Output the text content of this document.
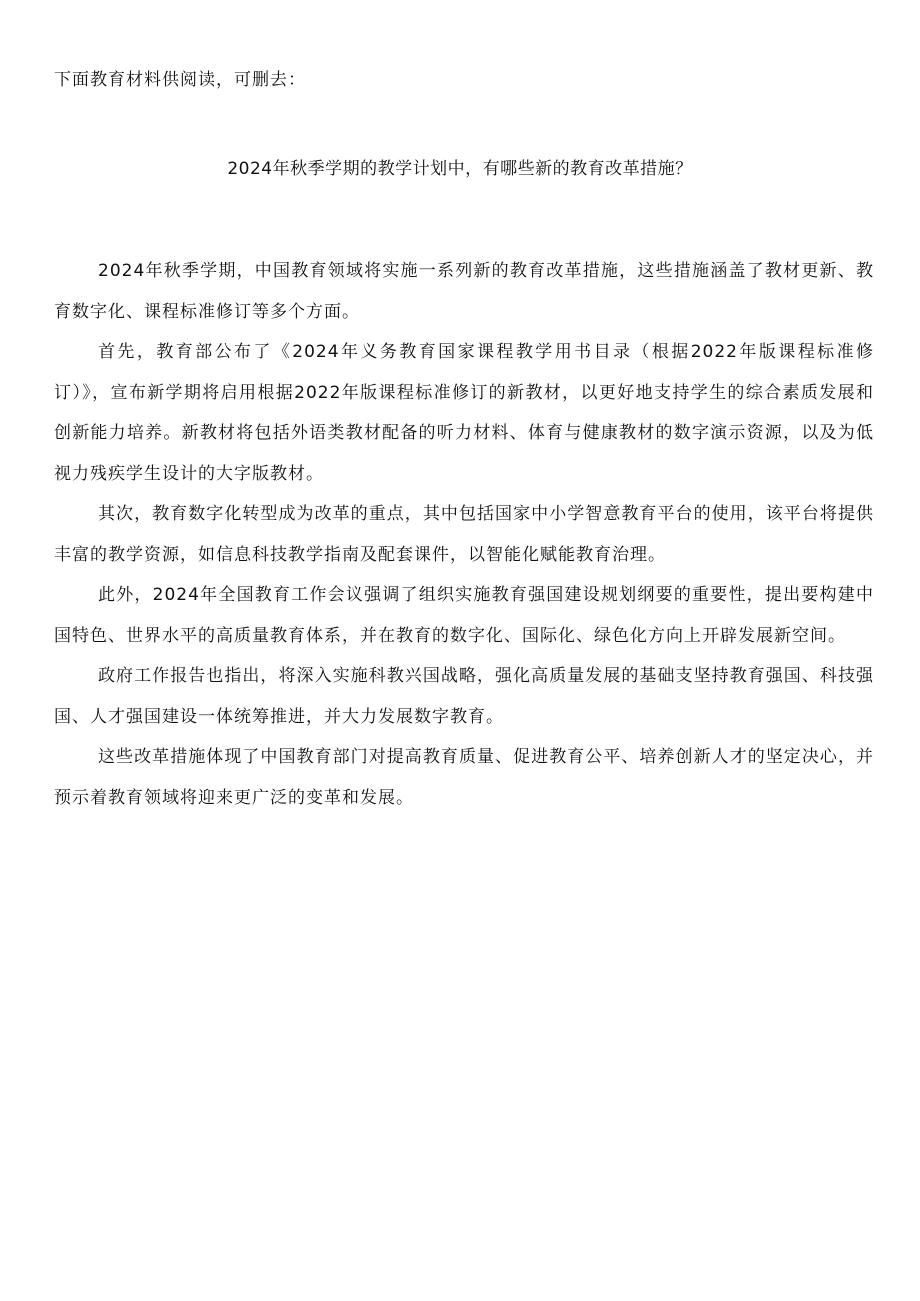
下面教育材料供阅读，可删去：
2024年秋季学期的教学计划中，有哪些新的教育改革措施？

2024年秋季学期，中国教育领域将实施一系列新的教育改革措施，这些措施涵盖了教材更新、教育数字化、课程标准修订等多个方面。

首先，教育部公布了《2024年义务教育国家课程教学用书目录（根据2022年版课程标准修订）》，宣布新学期将启用根据2022年版课程标准修订的新教材，以更好地支持学生的综合素质发展和创新能力培养。新教材将包括外语类教材配备的听力材料、体育与健康教材的数字演示资源，以及为低视力残疾学生设计的大字版教材。

其次，教育数字化转型成为改革的重点，其中包括国家中小学智意教育平台的使用，该平台将提供丰富的教学资源，如信息科技教学指南及配套课件，以智能化赋能教育治理。

此外，2024年全国教育工作会议强调了组织实施教育强国建设规划纲要的重要性，提出要构建中国特色、世界水平的高质量教育体系，并在教育的数字化、国际化、绿色化方向上开辟发展新空间。

政府工作报告也指出，将深入实施科教兴国战略，强化高质量发展的基础支坚持教育强国、科技强国、人才强国建设一体统筹推进，并大力发展数字教育。

这些改革措施体现了中国教育部门对提高教育质量、促进教育公平、培养创新人才的坚定决心，并预示着教育领域将迎来更广泛的变革和发展。
